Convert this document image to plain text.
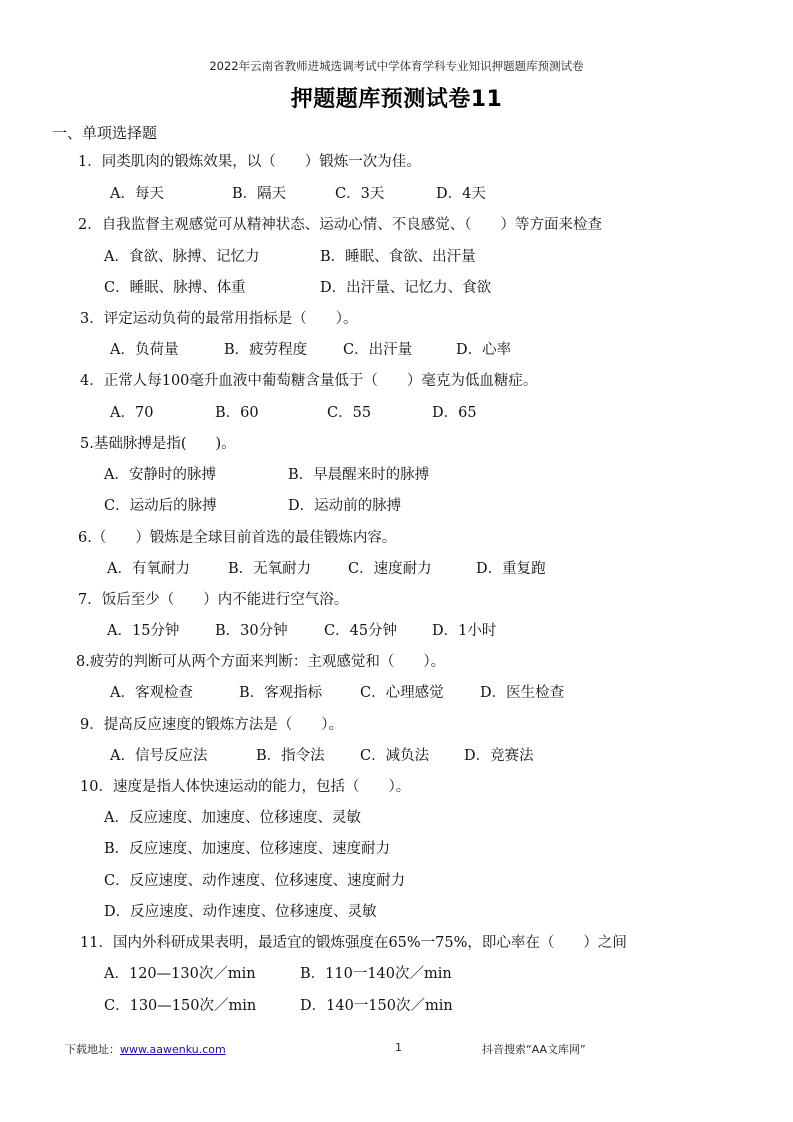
2022年云南省教师进城选调考试中学体育学科专业知识押题题库预测试卷
押题题库预测试卷11
一、单项选择题
1．同类肌肉的锻炼效果，以（　　）锻炼一次为佳。
A．每天	B．隔天	C．3天	D．4天
2．自我监督主观感觉可从精神状态、运动心情、不良感觉、（　　）等方面来检查
A．食欲、脉搏、记忆力	B．睡眠、食欲、出汗量
C．睡眠、脉搏、体重	D．出汗量、记忆力、食欲
3．评定运动负荷的最常用指标是（　　）。
A．负荷量	B．疲劳程度 C．出汗量	D．心率
4．正常人每100毫升血液中葡萄糖含量低于（　　）毫克为低血糖症。
A．70	B．60	C．55	D．65
5.基础脉搏是指(　　)。
A．安静时的脉搏	B．早晨醒来时的脉搏
C．运动后的脉搏	D．运动前的脉搏
6.（　　）锻炼是全球目前首选的最佳锻炼内容。
A．有氧耐力	B．无氧耐力	C．速度耐力	D．重复跑
7．饭后至少（　　）内不能进行空气浴。
A．15分钟 B．30分钟	C．45分钟 D．1小时
8.疲劳的判断可从两个方面来判断：主观感觉和（　　）。
A．客观检查	B．客观指标	C．心理感觉	D．医生检查
9．提高反应速度的锻炼方法是（　　）。
A．信号反应法	B．指令法 C．减负法 D．竞赛法
10．速度是指人体快速运动的能力，包括（　　）。
A．反应速度、加速度、位移速度、灵敏
B．反应速度、加速度、位移速度、速度耐力
C．反应速度、动作速度、位移速度、速度耐力
D．反应速度、动作速度、位移速度、灵敏
11．国内外科研成果表明，最适宜的锻炼强度在65%一75%，即心率在（　　）之间
A．120—130次／min	B．110一140次／min
C．130—150次／min	D．140一150次／min
下载地址：www.aawenku.com	1	抖音搜索“AA文库网”
